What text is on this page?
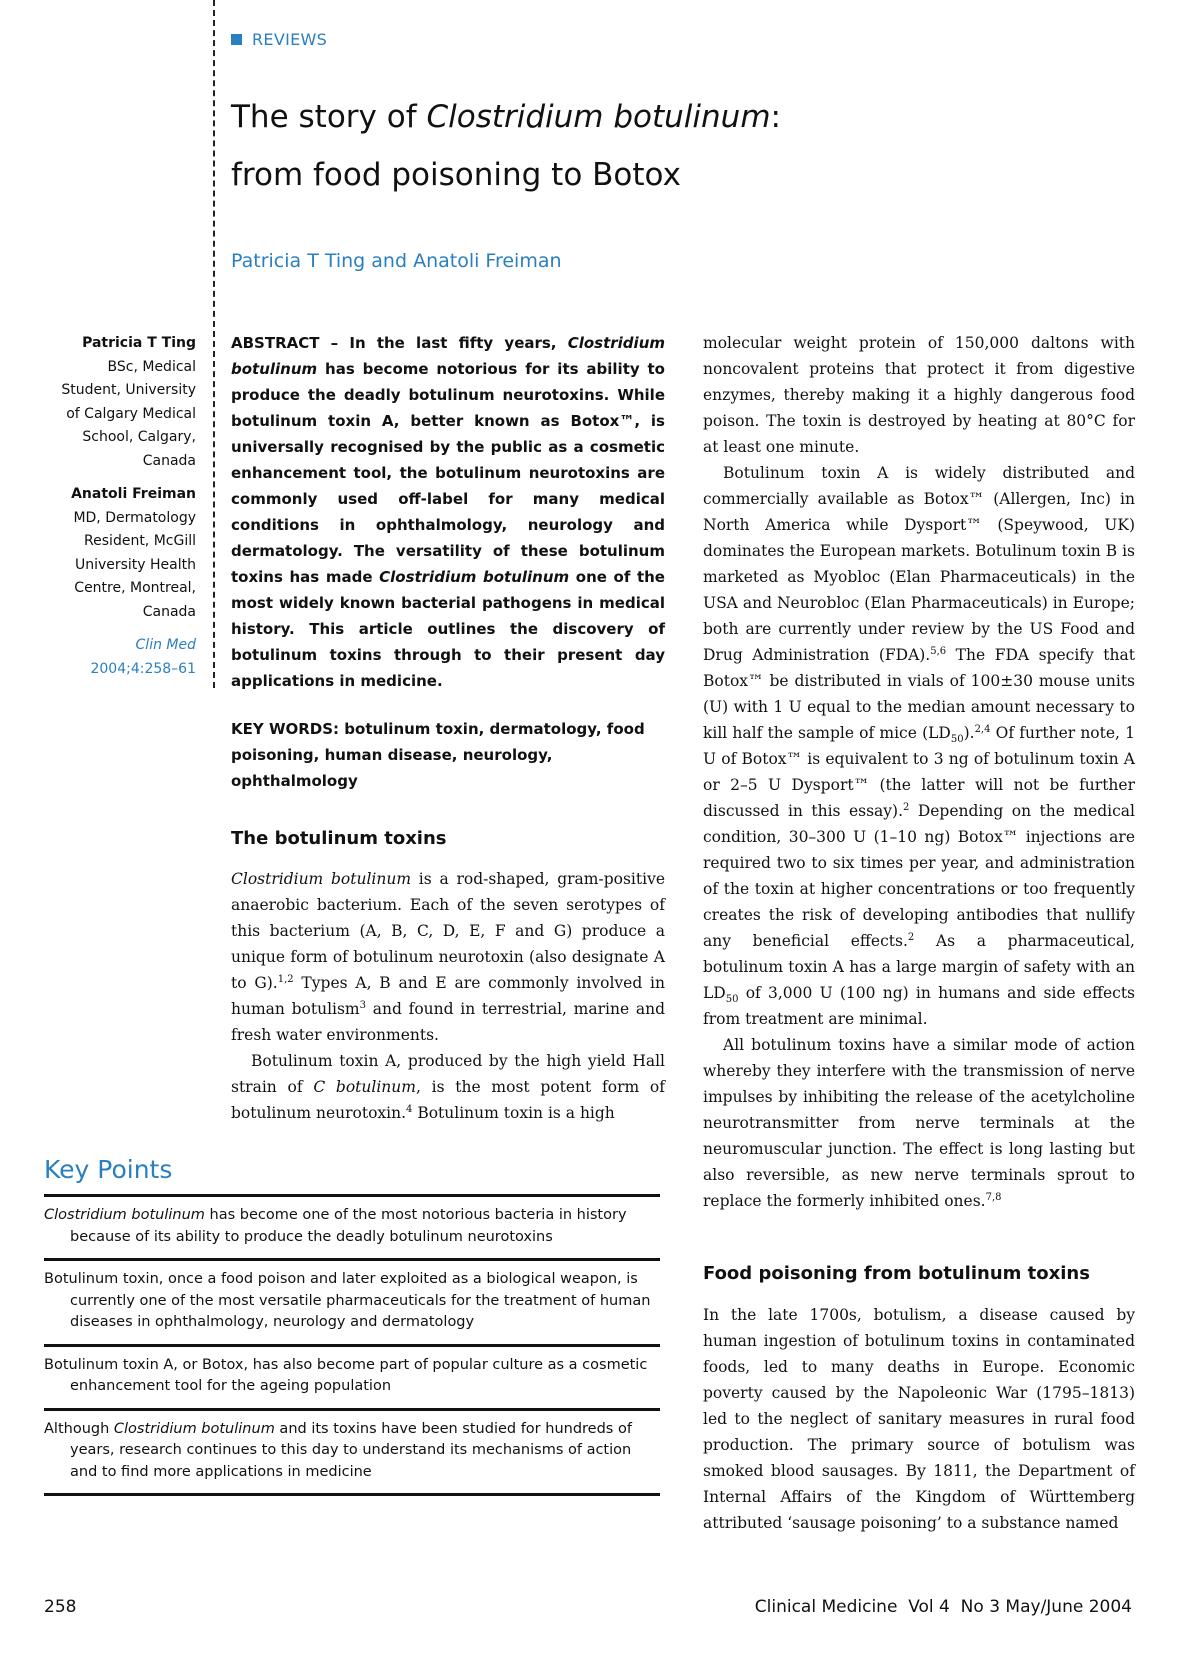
REVIEWS
The story of Clostridium botulinum:
from food poisoning to Botox
Patricia T Ting and Anatoli Freiman
Patricia T Ting
BSc, Medical
Student, University
of Calgary Medical
School, Calgary,
Canada
Anatoli Freiman
MD, Dermatology
Resident, McGill
University Health
Centre, Montreal,
Canada
Clin Med
2004;4:258–61

ABSTRACT – In the last fifty years, Clostridium botulinum has become notorious for its ability to produce the deadly botulinum neurotoxins. While botulinum toxin A, better known as Botox™, is universally recognised by the public as a cosmetic enhancement tool, the botulinum neurotoxins are commonly used off-label for many medical conditions in ophthalmology, neurology and dermatology. The versatility of these botulinum toxins has made Clostridium botulinum one of the most widely known bacterial pathogens in medical history. This article outlines the discovery of botulinum toxins through to their present day applications in medicine.

KEY WORDS: botulinum toxin, dermatology, food poisoning, human disease, neurology, ophthalmology

The botulinum toxins

Clostridium botulinum is a rod-shaped, gram-positive anaerobic bacterium. Each of the seven serotypes of this bacterium (A, B, C, D, E, F and G) produce a unique form of botulinum neurotoxin (also designate A to G).$^{1,2}$ Types A, B and E are commonly involved in human botulism$^3$ and found in terrestrial, marine and fresh water environments.

Botulinum toxin A, produced by the high yield Hall strain of C botulinum, is the most potent form of botulinum neurotoxin.$^4$ Botulinum toxin is a high

molecular weight protein of 150,000 daltons with noncovalent proteins that protect it from digestive enzymes, thereby making it a highly dangerous food poison. The toxin is destroyed by heating at 80°C for at least one minute.

Botulinum toxin A is widely distributed and commercially available as Botox™ (Allergen, Inc) in North America while Dysport™ (Speywood, UK) dominates the European markets. Botulinum toxin B is marketed as Myobloc (Elan Pharmaceuticals) in the USA and Neurobloc (Elan Pharmaceuticals) in Europe; both are currently under review by the US Food and Drug Administration (FDA).$^{5,6}$ The FDA specify that Botox™ be distributed in vials of 100±30 mouse units (U) with 1 U equal to the median amount necessary to kill half the sample of mice $(LD_{50}).^{2,4}$ Of further note, 1 U of Botox™ is equivalent to 3 ng of botulinum toxin A or 2–5 U Dysport™ (the latter will not be further discussed in this essay).$^2$ Depending on the medical condition, 30–300 U (1–10 ng) Botox™ injections are required two to six times per year, and administration of the toxin at higher concentrations or too frequently creates the risk of developing antibodies that nullify any beneficial effects.$^2$ As a pharmaceutical, botulinum toxin A has a large margin of safety with an $LD_{50}$ of 3,000 U (100 ng) in humans and side effects from treatment are minimal.

All botulinum toxins have a similar mode of action whereby they interfere with the transmission of nerve impulses by inhibiting the release of the acetylcholine neurotransmitter from nerve terminals at the neuromuscular junction. The effect is long lasting but also reversible, as new nerve terminals sprout to replace the formerly inhibited ones.$^{7,8}$

Food poisoning from botulinum toxins

In the late 1700s, botulism, a disease caused by human ingestion of botulinum toxins in contaminated foods, led to many deaths in Europe. Economic poverty caused by the Napoleonic War (1795–1813) led to the neglect of sanitary measures in rural food production. The primary source of botulism was smoked blood sausages. By 1811, the Department of Internal Affairs of the Kingdom of Württemberg attributed ‘sausage poisoning’ to a substance named

Key Points
Clostridium botulinum has become one of the most notorious bacteria in history because of its ability to produce the deadly botulinum neurotoxins
Botulinum toxin, once a food poison and later exploited as a biological weapon, is currently one of the most versatile pharmaceuticals for the treatment of human diseases in ophthalmology, neurology and dermatology
Botulinum toxin A, or Botox, has also become part of popular culture as a cosmetic enhancement tool for the ageing population
Although Clostridium botulinum and its toxins have been studied for hundreds of years, research continues to this day to understand its mechanisms of action and to find more applications in medicine
258	Clinical Medicine  Vol 4  No 3 May/June 2004
